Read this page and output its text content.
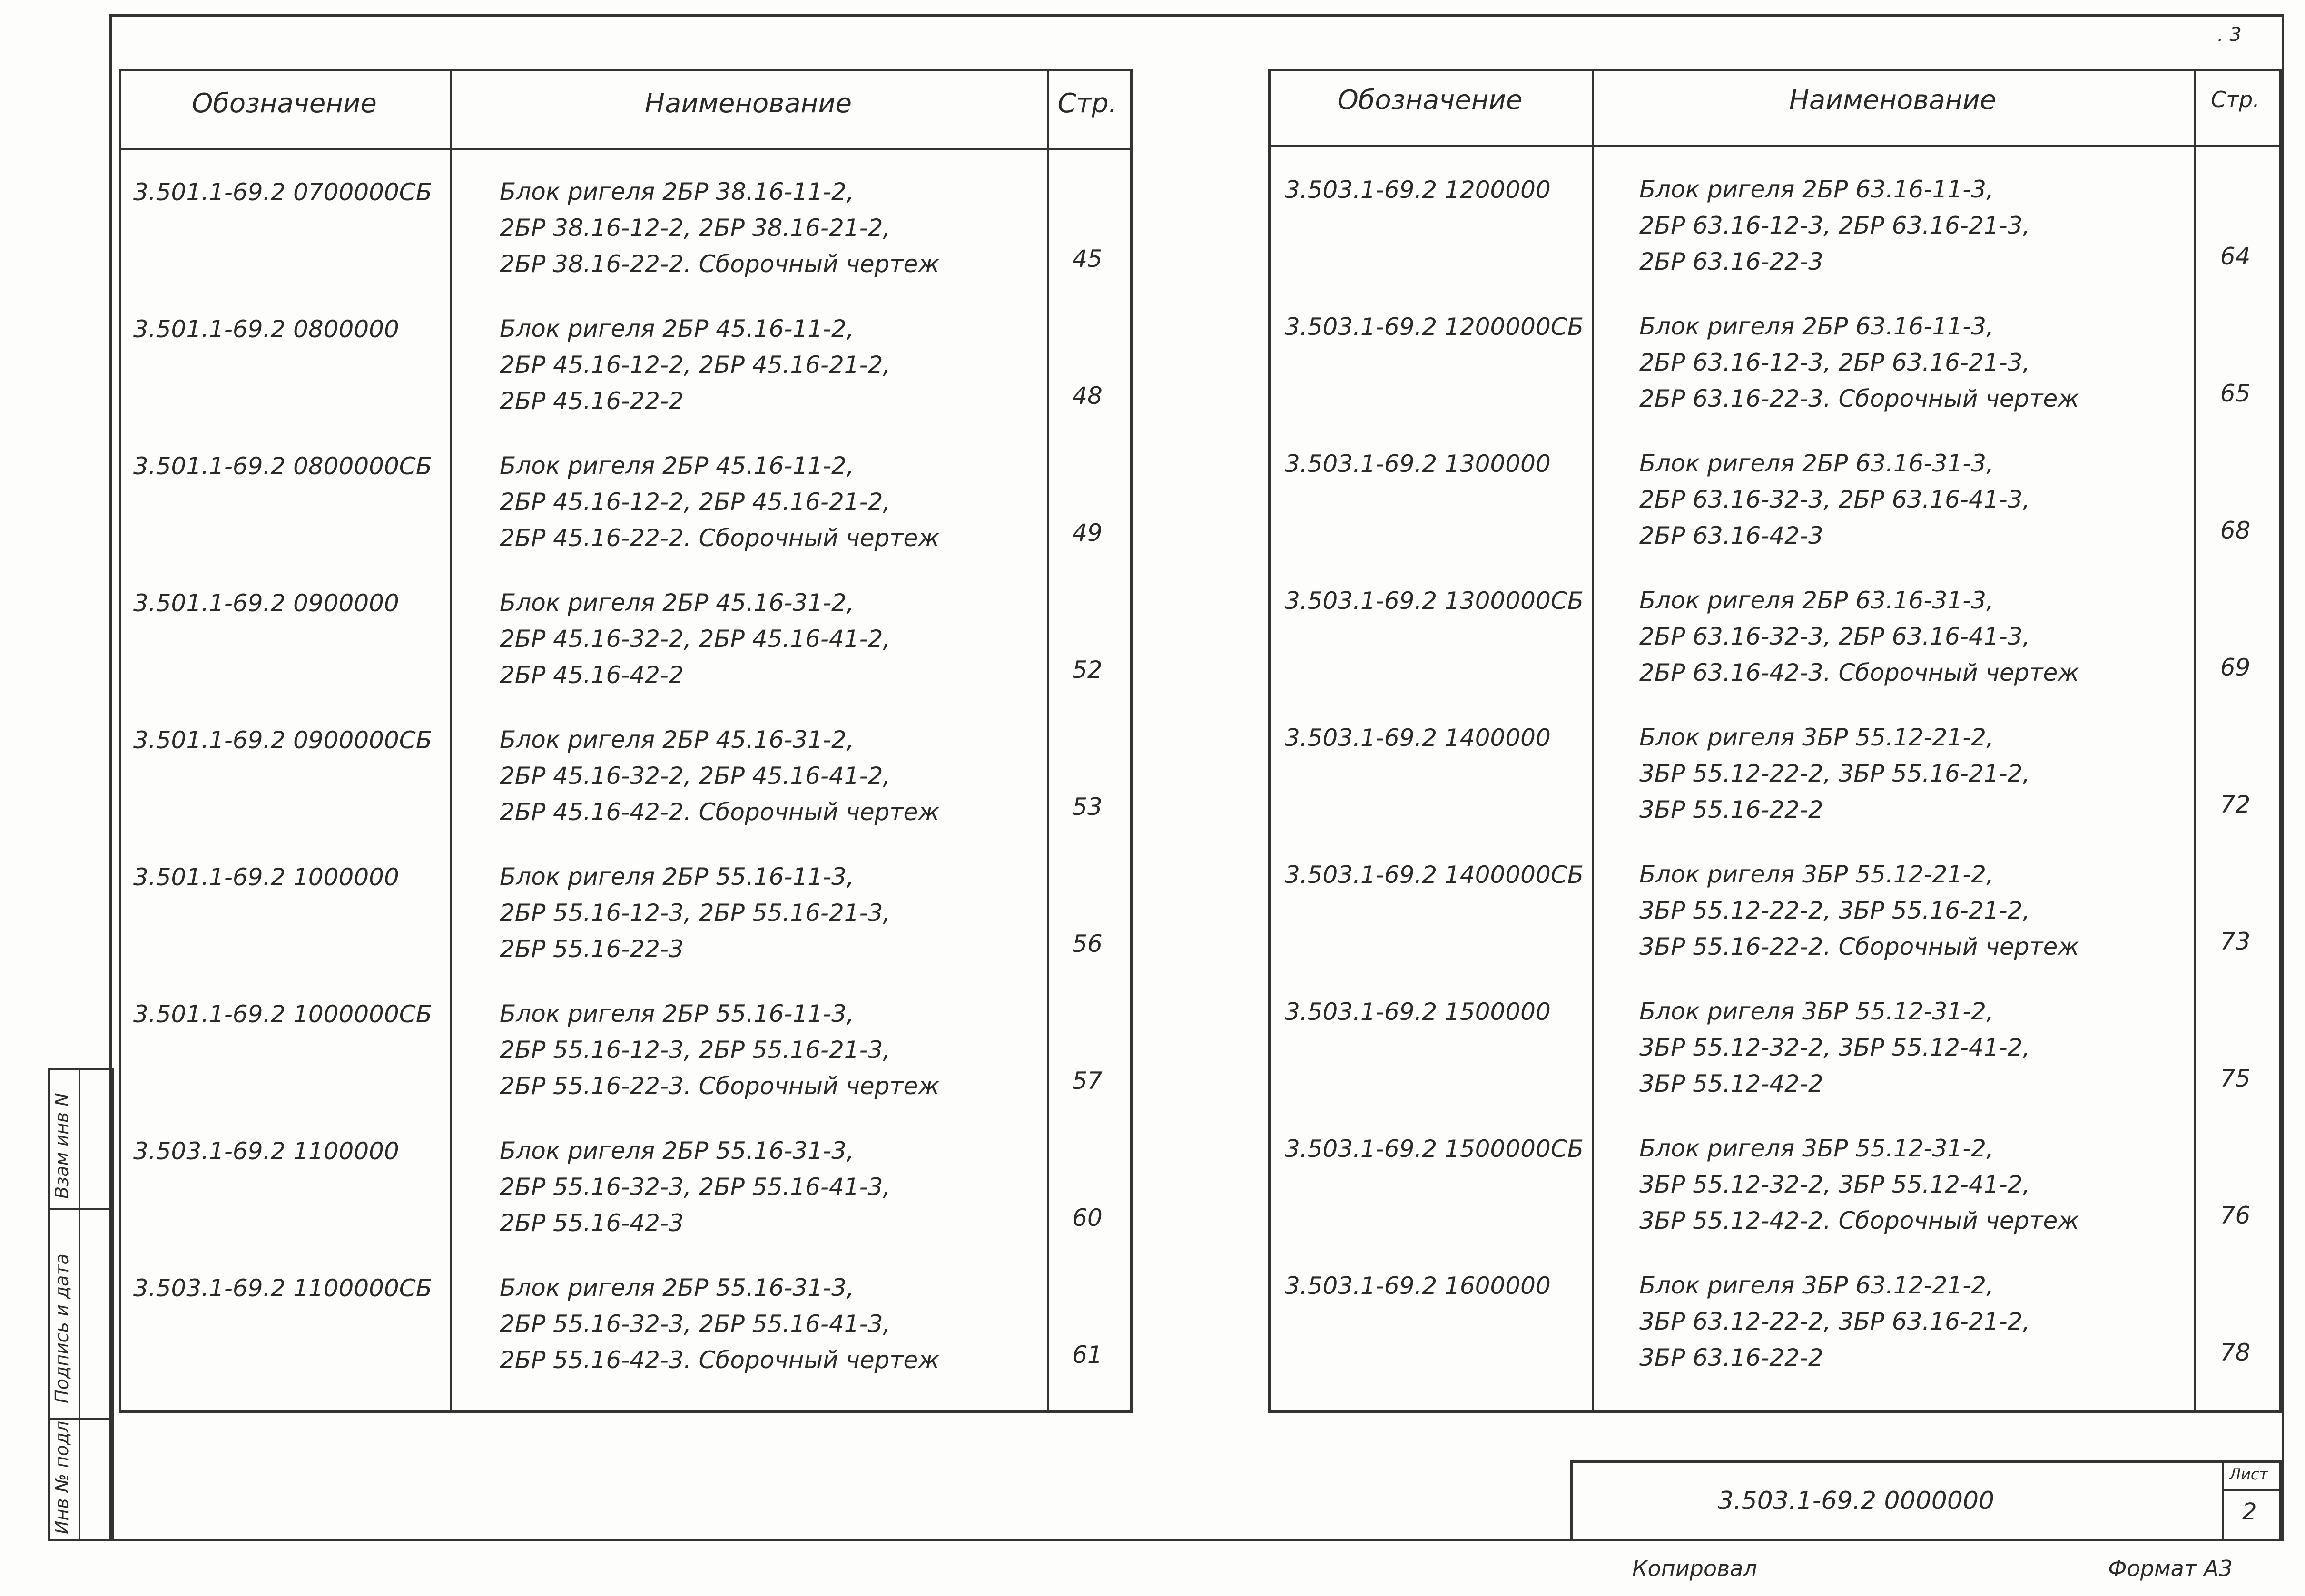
. 3
Обозначение	Наименование	Стр.
3.501.1-69.2 0700000СБ	Блок ригеля 2БР 38.16-11-2,
2БР 38.16-12-2, 2БР 38.16-21-2,
2БР 38.16-22-2. Сборочный чертеж	45
3.501.1-69.2 0800000	Блок ригеля 2БР 45.16-11-2,
2БР 45.16-12-2, 2БР 45.16-21-2,
2БР 45.16-22-2	48
3.501.1-69.2 0800000СБ	Блок ригеля 2БР 45.16-11-2,
2БР 45.16-12-2, 2БР 45.16-21-2,
2БР 45.16-22-2. Сборочный чертеж	49
3.501.1-69.2 0900000	Блок ригеля 2БР 45.16-31-2,
2БР 45.16-32-2, 2БР 45.16-41-2,
2БР 45.16-42-2	52
3.501.1-69.2 0900000СБ	Блок ригеля 2БР 45.16-31-2,
2БР 45.16-32-2, 2БР 45.16-41-2,
2БР 45.16-42-2. Сборочный чертеж	53
3.501.1-69.2 1000000	Блок ригеля 2БР 55.16-11-3,
2БР 55.16-12-3, 2БР 55.16-21-3,
2БР 55.16-22-3	56
3.501.1-69.2 1000000СБ	Блок ригеля 2БР 55.16-11-3,
2БР 55.16-12-3, 2БР 55.16-21-3,
2БР 55.16-22-3. Сборочный чертеж	57
3.503.1-69.2 1100000	Блок ригеля 2БР 55.16-31-3,
2БР 55.16-32-3, 2БР 55.16-41-3,
2БР 55.16-42-3	60
3.503.1-69.2 1100000СБ	Блок ригеля 2БР 55.16-31-3,
2БР 55.16-32-3, 2БР 55.16-41-3,
2БР 55.16-42-3. Сборочный чертеж	61
Обозначение	Наименование	Стр.
3.503.1-69.2 1200000	Блок ригеля 2БР 63.16-11-3,
2БР 63.16-12-3, 2БР 63.16-21-3,
2БР 63.16-22-3	64
3.503.1-69.2 1200000СБ Блок ригеля 2БР 63.16-11-3,
2БР 63.16-12-3, 2БР 63.16-21-3,
2БР 63.16-22-3. Сборочный чертеж	65
3.503.1-69.2 1300000	Блок ригеля 2БР 63.16-31-3,
2БР 63.16-32-3, 2БР 63.16-41-3,
2БР 63.16-42-3	68
3.503.1-69.2 1300000СБ Блок ригеля 2БР 63.16-31-3,
2БР 63.16-32-3, 2БР 63.16-41-3,
2БР 63.16-42-3. Сборочный чертеж	69
3.503.1-69.2 1400000	Блок ригеля 3БР 55.12-21-2,
3БР 55.12-22-2, 3БР 55.16-21-2,
3БР 55.16-22-2	72
3.503.1-69.2 1400000СБ Блок ригеля 3БР 55.12-21-2,
3БР 55.12-22-2, 3БР 55.16-21-2,
3БР 55.16-22-2. Сборочный чертеж	73
3.503.1-69.2 1500000	Блок ригеля 3БР 55.12-31-2,
3БР 55.12-32-2, 3БР 55.12-41-2,
3БР 55.12-42-2	75
3.503.1-69.2 1500000СБ Блок ригеля 3БР 55.12-31-2,
3БР 55.12-32-2, 3БР 55.12-41-2,
3БР 55.12-42-2. Сборочный чертеж	76
3.503.1-69.2 1600000	Блок ригеля 3БР 63.12-21-2,
3БР 63.12-22-2, 3БР 63.16-21-2,
3БР 63.16-22-2	78
Инв № подл.
Подпись и дата
Взам инв N
3.503.1-69.2 0000000
Лист
2
Копировал	Формат А3
